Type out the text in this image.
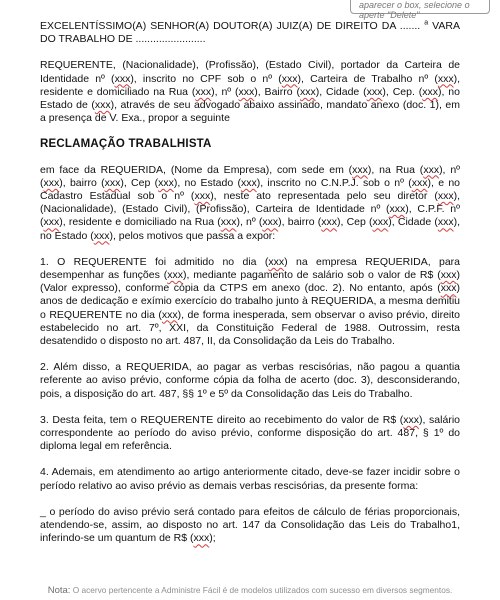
aparecer o box, selecione o
aperte "Delete"

EXCELENTÍSSIMO(A) SENHOR(A) DOUTOR(A) JUIZ(A) DE DIREITO DA ....... $^a$ VARA DO TRABALHO DE ........................

REQUERENTE, (Nacionalidade), (Profissão), (Estado Civil), portador da Carteira de Identidade nº (xxx), inscrito no CPF sob o nº (xxx), Carteira de Trabalho nº (xxx), residente e domiciliado na Rua (xxx), nº (xxx), Bairro (xxx), Cidade (xxx), Cep. (xxx), no Estado de (xxx), através de seu advogado abaixo assinado, mandato anexo (doc. 1), em a presença de V. Exa., propor a seguinte

RECLAMAÇÃO TRABALHISTA

em face da REQUERIDA, (Nome da Empresa), com sede em (xxx), na Rua (xxx), nº (xxx), bairro (xxx), Cep (xxx), no Estado (xxx), inscrito no C.N.P.J. sob o nº (xxx), e no Cadastro Estadual sob o nº (xxx), neste ato representada pelo seu diretor (xxx), (Nacionalidade), (Estado Civil), (Profissão), Carteira de Identidade nº (xxx), C.P.F. nº (xxx), residente e domiciliado na Rua (xxx), nº (xxx), bairro (xxx), Cep (xxx), Cidade (xxx), no Estado (xxx), pelos motivos que passa a expor:

1. O REQUERENTE foi admitido no dia (xxx) na empresa REQUERIDA, para desempenhar as funções (xxx), mediante pagamento de salário sob o valor de R$ (xxx) (Valor expresso), conforme cópia da CTPS em anexo (doc. 2). No entanto, após (xxx) anos de dedicação e exímio exercício do trabalho junto à REQUERIDA, a mesma demitiu o REQUERENTE no dia (xxx), de forma inesperada, sem observar o aviso prévio, direito estabelecido no art. 7º, XXI, da Constituição Federal de 1988. Outrossim, resta desatendido o disposto no art. 487, II, da Consolidação da Leis do Trabalho.

2. Além disso, a REQUERIDA, ao pagar as verbas rescisórias, não pagou a quantia referente ao aviso prévio, conforme cópia da folha de acerto (doc. 3), desconsiderando, pois, a disposição do art. 487, §§ 1º e 5º da Consolidação das Leis do Trabalho.

3. Desta feita, tem o REQUERENTE direito ao recebimento do valor de R$ (xxx), salário correspondente ao período do aviso prévio, conforme disposição do art. 487, § 1º do diploma legal em referência.

4. Ademais, em atendimento ao artigo anteriormente citado, deve-se fazer incidir sobre o período relativo ao aviso prévio as demais verbas rescisórias, da presente forma:

_ o período do aviso prévio será contado para efeitos de cálculo de férias proporcionais, atendendo-se, assim, ao disposto no art. 147 da Consolidação das Leis do Trabalho1, inferindo-se um quantum de R$ (xxx);

Nota: O acervo pertencente a Administre Fácil é de modelos utilizados com sucesso em diversos segmentos.
